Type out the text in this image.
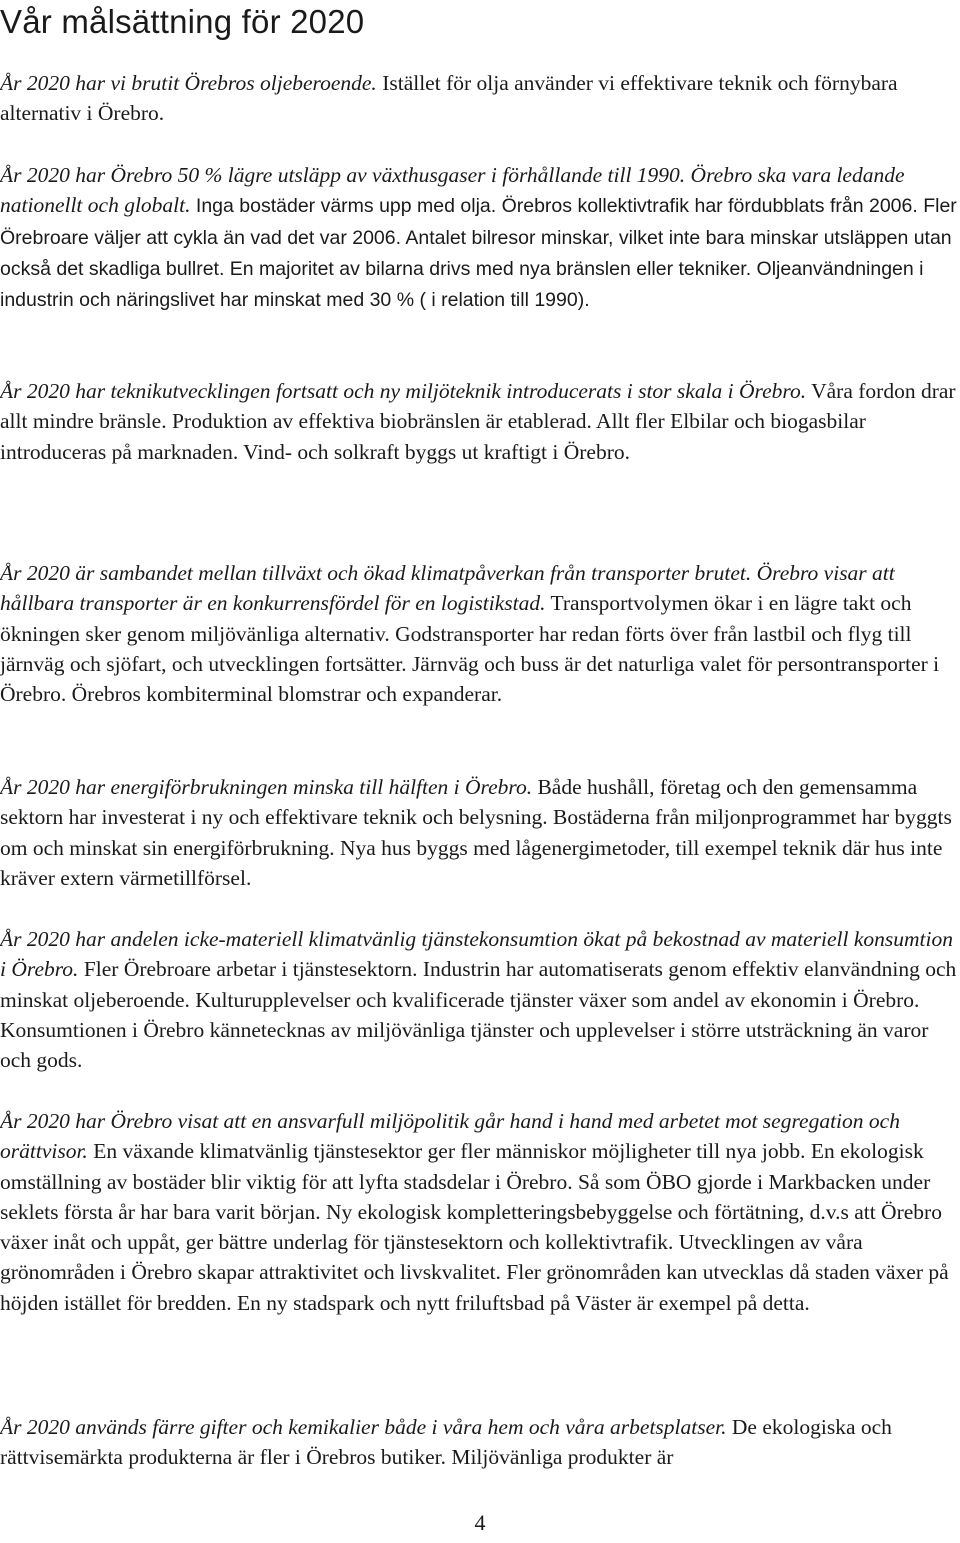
Vår målsättning för 2020

År 2020 har vi brutit Örebros oljeberoende. Istället för olja använder vi effektivare teknik och förnybara alternativ i Örebro.

År 2020 har Örebro 50 % lägre utsläpp av växthusgaser i förhållande till 1990. Örebro ska vara ledande nationellt och globalt. Inga bostäder värms upp med olja. Örebros kollektivtrafik har fördubblats från 2006. Fler Örebroare väljer att cykla än vad det var 2006. Antalet bilresor minskar, vilket inte bara minskar utsläppen utan också det skadliga bullret. En majoritet av bilarna drivs med nya bränslen eller tekniker. Oljeanvändningen i industrin och näringslivet har minskat med 30 % ( i relation till 1990).

År 2020 har teknikutvecklingen fortsatt och ny miljöteknik introducerats i stor skala i Örebro. Våra fordon drar allt mindre bränsle. Produktion av effektiva biobränslen är etablerad. Allt fler Elbilar och biogasbilar introduceras på marknaden. Vind- och solkraft byggs ut kraftigt i Örebro.

År 2020 är sambandet mellan tillväxt och ökad klimatpåverkan från transporter brutet. Örebro visar att hållbara transporter är en konkurrensfördel för en logistikstad. Transportvolymen ökar i en lägre takt och ökningen sker genom miljövänliga alternativ. Godstransporter har redan förts över från lastbil och flyg till järnväg och sjöfart, och utvecklingen fortsätter. Järnväg och buss är det naturliga valet för persontransporter i Örebro. Örebros kombiterminal blomstrar och expanderar.

År 2020 har energiförbrukningen minska till hälften i Örebro. Både hushåll, företag och den gemensamma sektorn har investerat i ny och effektivare teknik och belysning. Bostäderna från miljonprogrammet har byggts om och minskat sin energiförbrukning. Nya hus byggs med lågenergimetoder, till exempel teknik där hus inte kräver extern värmetillförsel.

År 2020 har andelen icke-materiell klimatvänlig tjänstekonsumtion ökat på bekostnad av materiell konsumtion i Örebro. Fler Örebroare arbetar i tjänstesektorn. Industrin har automatiserats genom effektiv elanvändning och minskat oljeberoende. Kulturupplevelser och kvalificerade tjänster växer som andel av ekonomin i Örebro. Konsumtionen i Örebro kännetecknas av miljövänliga tjänster och upplevelser i större utsträckning än varor och gods.

År 2020 har Örebro visat att en ansvarfull miljöpolitik går hand i hand med arbetet mot segregation och orättvisor. En växande klimatvänlig tjänstesektor ger fler människor möjligheter till nya jobb. En ekologisk omställning av bostäder blir viktig för att lyfta stadsdelar i Örebro. Så som ÖBO gjorde i Markbacken under seklets första år har bara varit början. Ny ekologisk kompletteringsbebyggelse och förtätning, d.v.s att Örebro växer inåt och uppåt, ger bättre underlag för tjänstesektorn och kollektivtrafik. Utvecklingen av våra grönområden i Örebro skapar attraktivitet och livskvalitet. Fler grönområden kan utvecklas då staden växer på höjden istället för bredden. En ny stadspark och nytt friluftsbad på Väster är exempel på detta.

År 2020 används färre gifter och kemikalier både i våra hem och våra arbetsplatser. De ekologiska och rättvisemärkta produkterna är fler i Örebros butiker. Miljövänliga produkter är

4
